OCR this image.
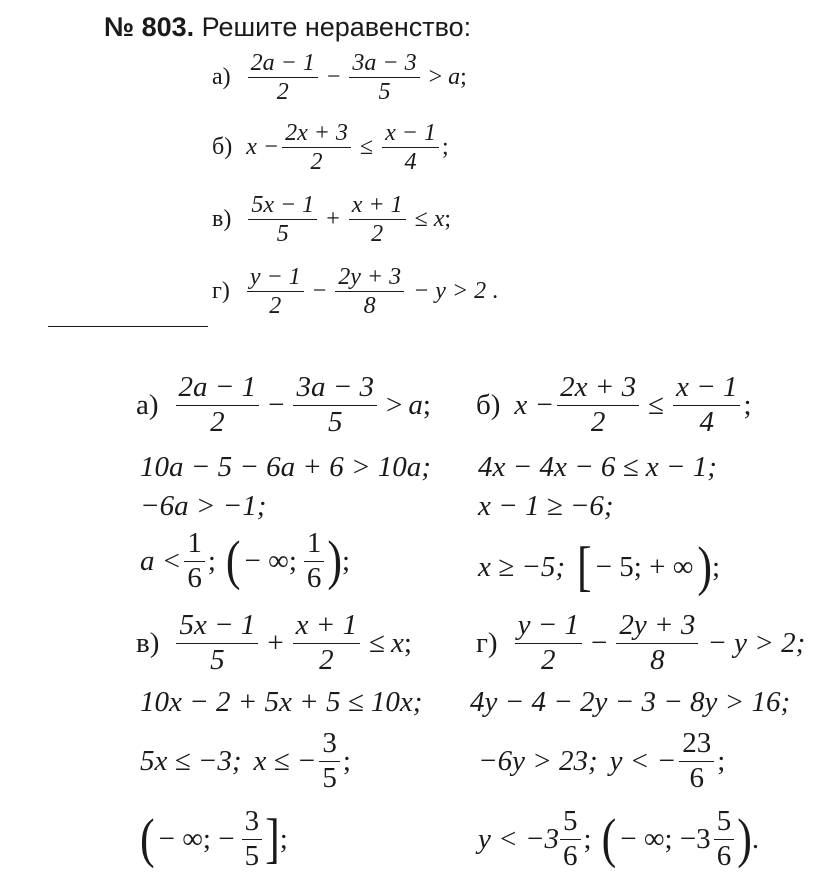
№ 803. Решите неравенство:
$а) \frac{2a - 1}{2} - \frac{3a - 3}{5} > a$ ;
б) $x - \frac{2x + 3}{2} \le \frac{x - 1}{4}$ ;
$в) \frac{5x - 1}{5} + \frac{x + 1}{2} \le x$ ;
$г) \frac{y - 1}{2} - \frac{2y + 3}{8} - y > 2$ .
$а) \frac{2a - 1}{2} - \frac{3a - 3}{5} > a$ ;
10a − 5 − 6a + 6 > 10a;
−6a > −1;
$a < \frac{1}{6}$ ; ( − ∞; $\frac{1}{6}$ ) ;
б) $x - \frac{2x + 3}{2} \le \frac{x - 1}{4}$ ;
4x − 4x − 6 ≤ x − 1;
x − 1 ≥ −6;
x ≥ −5; [ − 5; + ∞ ) ;
$в) \frac{5x - 1}{5} + \frac{x + 1}{2} \le x$ ;
10x − 2 + 5x + 5 ≤ 10x;
5x ≤ −3; x ≤ − $\frac{3}{5}$ ;
( − ∞; − $\frac{3}{5}$ ] ;
$г) \frac{y - 1}{2} - \frac{2y + 3}{8} - y > 2$;
4y − 4 − 2y − 3 − 8y > 16;
−6y > 23; y < − $\frac{23}{6}$ ;
$y < -3 \frac{5}{6}$ ; ( − ∞; $-3 \frac{5}{6}$ ) .
